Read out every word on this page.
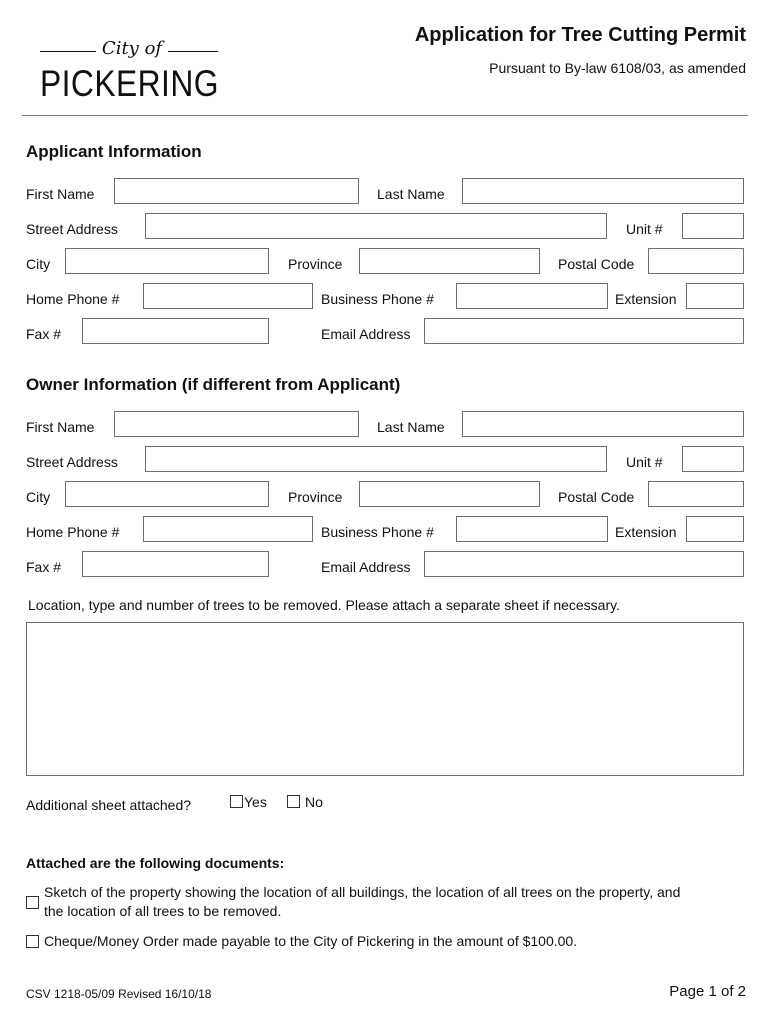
City of
PICKERING
Application for Tree Cutting Permit
Pursuant to By-law 6108/03, as amended
Applicant Information
First Name	Last Name
Street Address	Unit #
City	Province	Postal Code
Home Phone #	Business Phone #	Extension
Fax #	Email Address
Owner Information (if different from Applicant)
First Name	Last Name
Street Address	Unit #
City	Province	Postal Code
Home Phone #	Business Phone #	Extension
Fax #	Email Address
Location, type and number of trees to be removed. Please attach a separate sheet if necessary.
Additional sheet attached?	Yes	No
Attached are the following documents:
Sketch of the property showing the location of all buildings, the location of all trees on the property, and
the location of all trees to be removed.
Cheque/Money Order made payable to the City of Pickering in the amount of $100.00.
CSV 1218-05/09 Revised 16/10/18	Page 1 of 2
